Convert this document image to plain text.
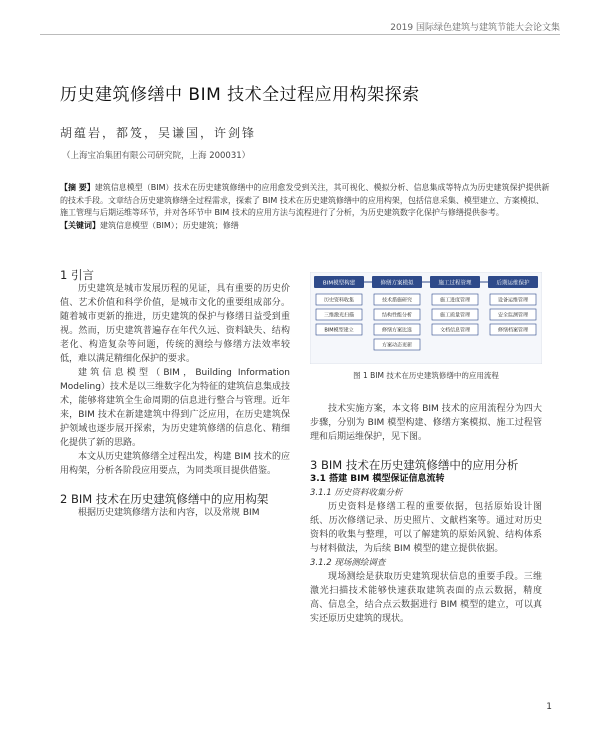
2019 国际绿色建筑与建筑节能大会论文集
历史建筑修缮中 BIM 技术全过程应用构架探索
胡蕴岩，都笈，吴谦国，许剑锋
（上海宝冶集团有限公司研究院，上海 200031）
【摘 要】建筑信息模型（BIM）技术在历史建筑修缮中的应用愈发受到关注，其可视化、模拟分析、信息集成等特点为历史建筑保护提供新的技术手段。文章结合历史建筑修缮全过程需求，探索了 BIM 技术在历史建筑修缮中的应用构架，包括信息采集、模型建立、方案模拟、施工管理与后期运维等环节，并对各环节中 BIM 技术的应用方法与流程进行了分析，为历史建筑数字化保护与修缮提供参考。
【关键词】建筑信息模型（BIM）；历史建筑；修缮

1 引言

历史建筑是城市发展历程的见证，具有重要的历史价值、艺术价值和科学价值，是城市文化的重要组成部分。随着城市更新的推进，历史建筑的保护与修缮日益受到重视。然而，历史建筑普遍存在年代久远、资料缺失、结构老化、构造复杂等问题，传统的测绘与修缮方法效率较低，难以满足精细化保护的要求。

建筑信息模型（BIM，Building Information Modeling）技术是以三维数字化为特征的建筑信息集成技术，能够将建筑全生命周期的信息进行整合与管理。近年来，BIM 技术在新建建筑中得到广泛应用，在历史建筑保护领域也逐步展开探索，为历史建筑修缮的信息化、精细化提供了新的思路。

本文从历史建筑修缮全过程出发，构建 BIM 技术的应用构架，分析各阶段应用要点，为同类项目提供借鉴。

2 BIM 技术在历史建筑修缮中的应用构架

根据历史建筑修缮方法和内容，以及常规 BIM

BIM模型构建
历史资料收集
三维激光扫描
BIM模型建立
修缮方案模拟
技术措施研究
结构性能分析
修缮方案比选
方案动态更新
施工过程管理
施工进度管理
施工质量管理
文档信息管理
后期运维保护
设备运维管理
安全监测管理
修缮档案管理
图 1 BIM 技术在历史建筑修缮中的应用流程

技术实施方案，本文将 BIM 技术的应用流程分为四大步骤，分别为 BIM 模型构建、修缮方案模拟、施工过程管理和后期运维保护，见下图。

3 BIM 技术在历史建筑修缮中的应用分析

3.1 搭建 BIM 模型保证信息流转

3.1.1 历史资料收集分析

历史资料是修缮工程的重要依据，包括原始设计图纸、历次修缮记录、历史照片、文献档案等。通过对历史资料的收集与整理，可以了解建筑的原始风貌、结构体系与材料做法，为后续 BIM 模型的建立提供依据。

3.1.2 现场测绘调查

现场测绘是获取历史建筑现状信息的重要手段。三维激光扫描技术能够快速获取建筑表面的点云数据，精度高、信息全，结合点云数据进行 BIM 模型的建立，可以真实还原历史建筑的现状。

1
